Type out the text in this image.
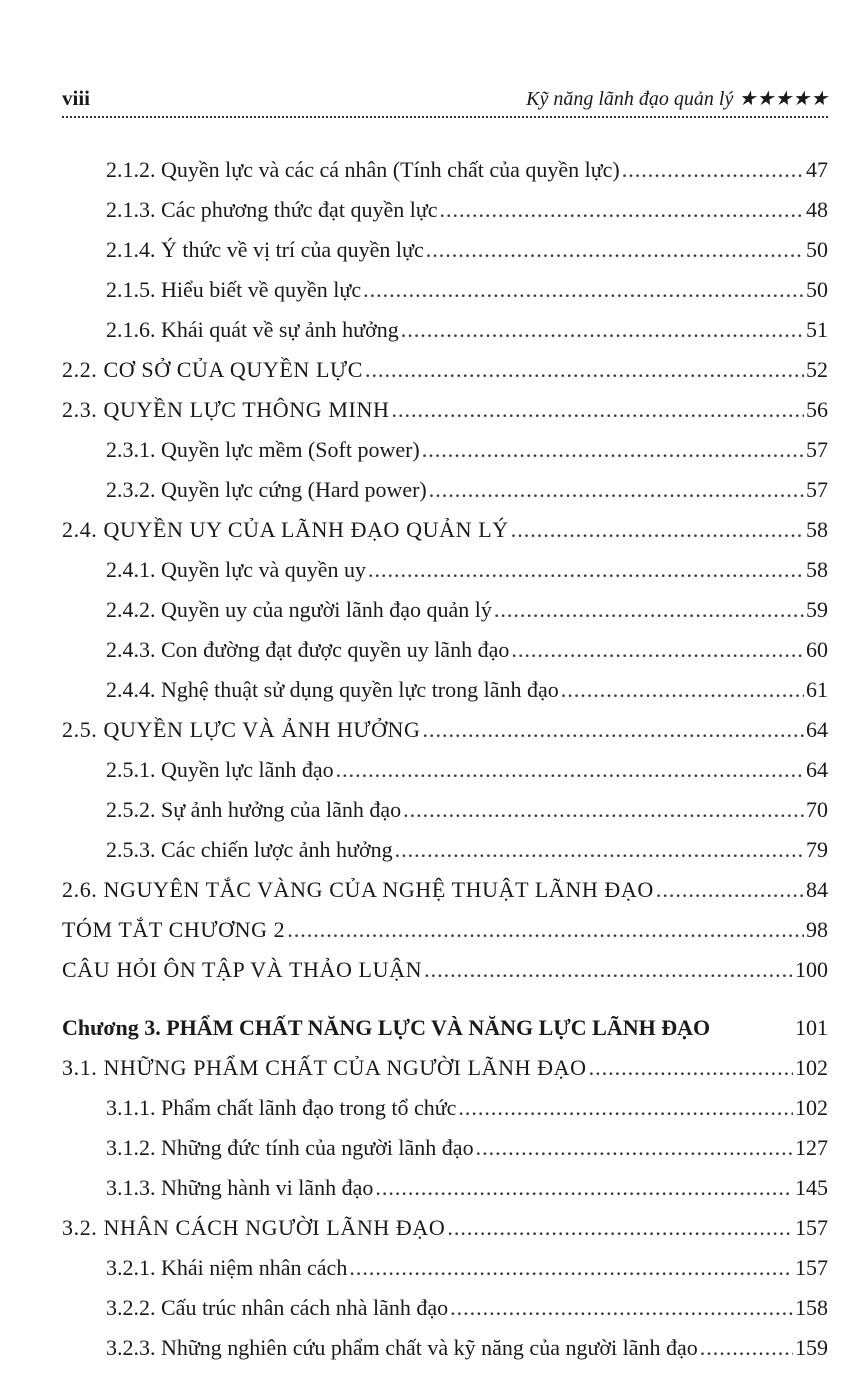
viii	Kỹ năng lãnh đạo quản lý ★★★★★
2.1.2. Quyền lực và các cá nhân (Tính chất của quyền lực) .....	47
2.1.3. Các phương thức đạt quyền lực .....	48
2.1.4. Ý thức về vị trí của quyền lực .....	50
2.1.5. Hiểu biết về quyền lực .....	50
2.1.6. Khái quát về sự ảnh hưởng .....	51
2.2. CƠ SỞ CỦA QUYỀN LỰC .....	52
2.3. QUYỀN LỰC THÔNG MINH .....	56
2.3.1. Quyền lực mềm (Soft power) .....	57
2.3.2. Quyền lực cứng (Hard power) .....	57
2.4. QUYỀN UY CỦA LÃNH ĐẠO QUẢN LÝ .....	58
2.4.1. Quyền lực và quyền uy .....	58
2.4.2. Quyền uy của người lãnh đạo quản lý .....	59
2.4.3. Con đường đạt được quyền uy lãnh đạo .....	60
2.4.4. Nghệ thuật sử dụng quyền lực trong lãnh đạo .....	61
2.5. QUYỀN LỰC VÀ ẢNH HƯỞNG .....	64
2.5.1. Quyền lực lãnh đạo .....	64
2.5.2. Sự ảnh hưởng của lãnh đạo .....	70
2.5.3. Các chiến lược ảnh hưởng .....	79
2.6. NGUYÊN TẮC VÀNG CỦA NGHỆ THUẬT LÃNH ĐẠO .....	84
TÓM TẮT CHƯƠNG 2 .....	98
CÂU HỎI ÔN TẬP VÀ THẢO LUẬN .....	100
Chương 3. PHẨM CHẤT NĂNG LỰC VÀ NĂNG LỰC LÃNH ĐẠO	101
3.1. NHỮNG PHẨM CHẤT CỦA NGƯỜI LÃNH ĐẠO .....	102
3.1.1. Phẩm chất lãnh đạo trong tổ chức .....	102
3.1.2. Những đức tính của người lãnh đạo .....	127
3.1.3. Những hành vi lãnh đạo .....	145
3.2. NHÂN CÁCH NGƯỜI LÃNH ĐẠO .....	157
3.2.1. Khái niệm nhân cách .....	157
3.2.2. Cấu trúc nhân cách nhà lãnh đạo .....	158
3.2.3. Những nghiên cứu phẩm chất và kỹ năng của người lãnh đạo .....	159
